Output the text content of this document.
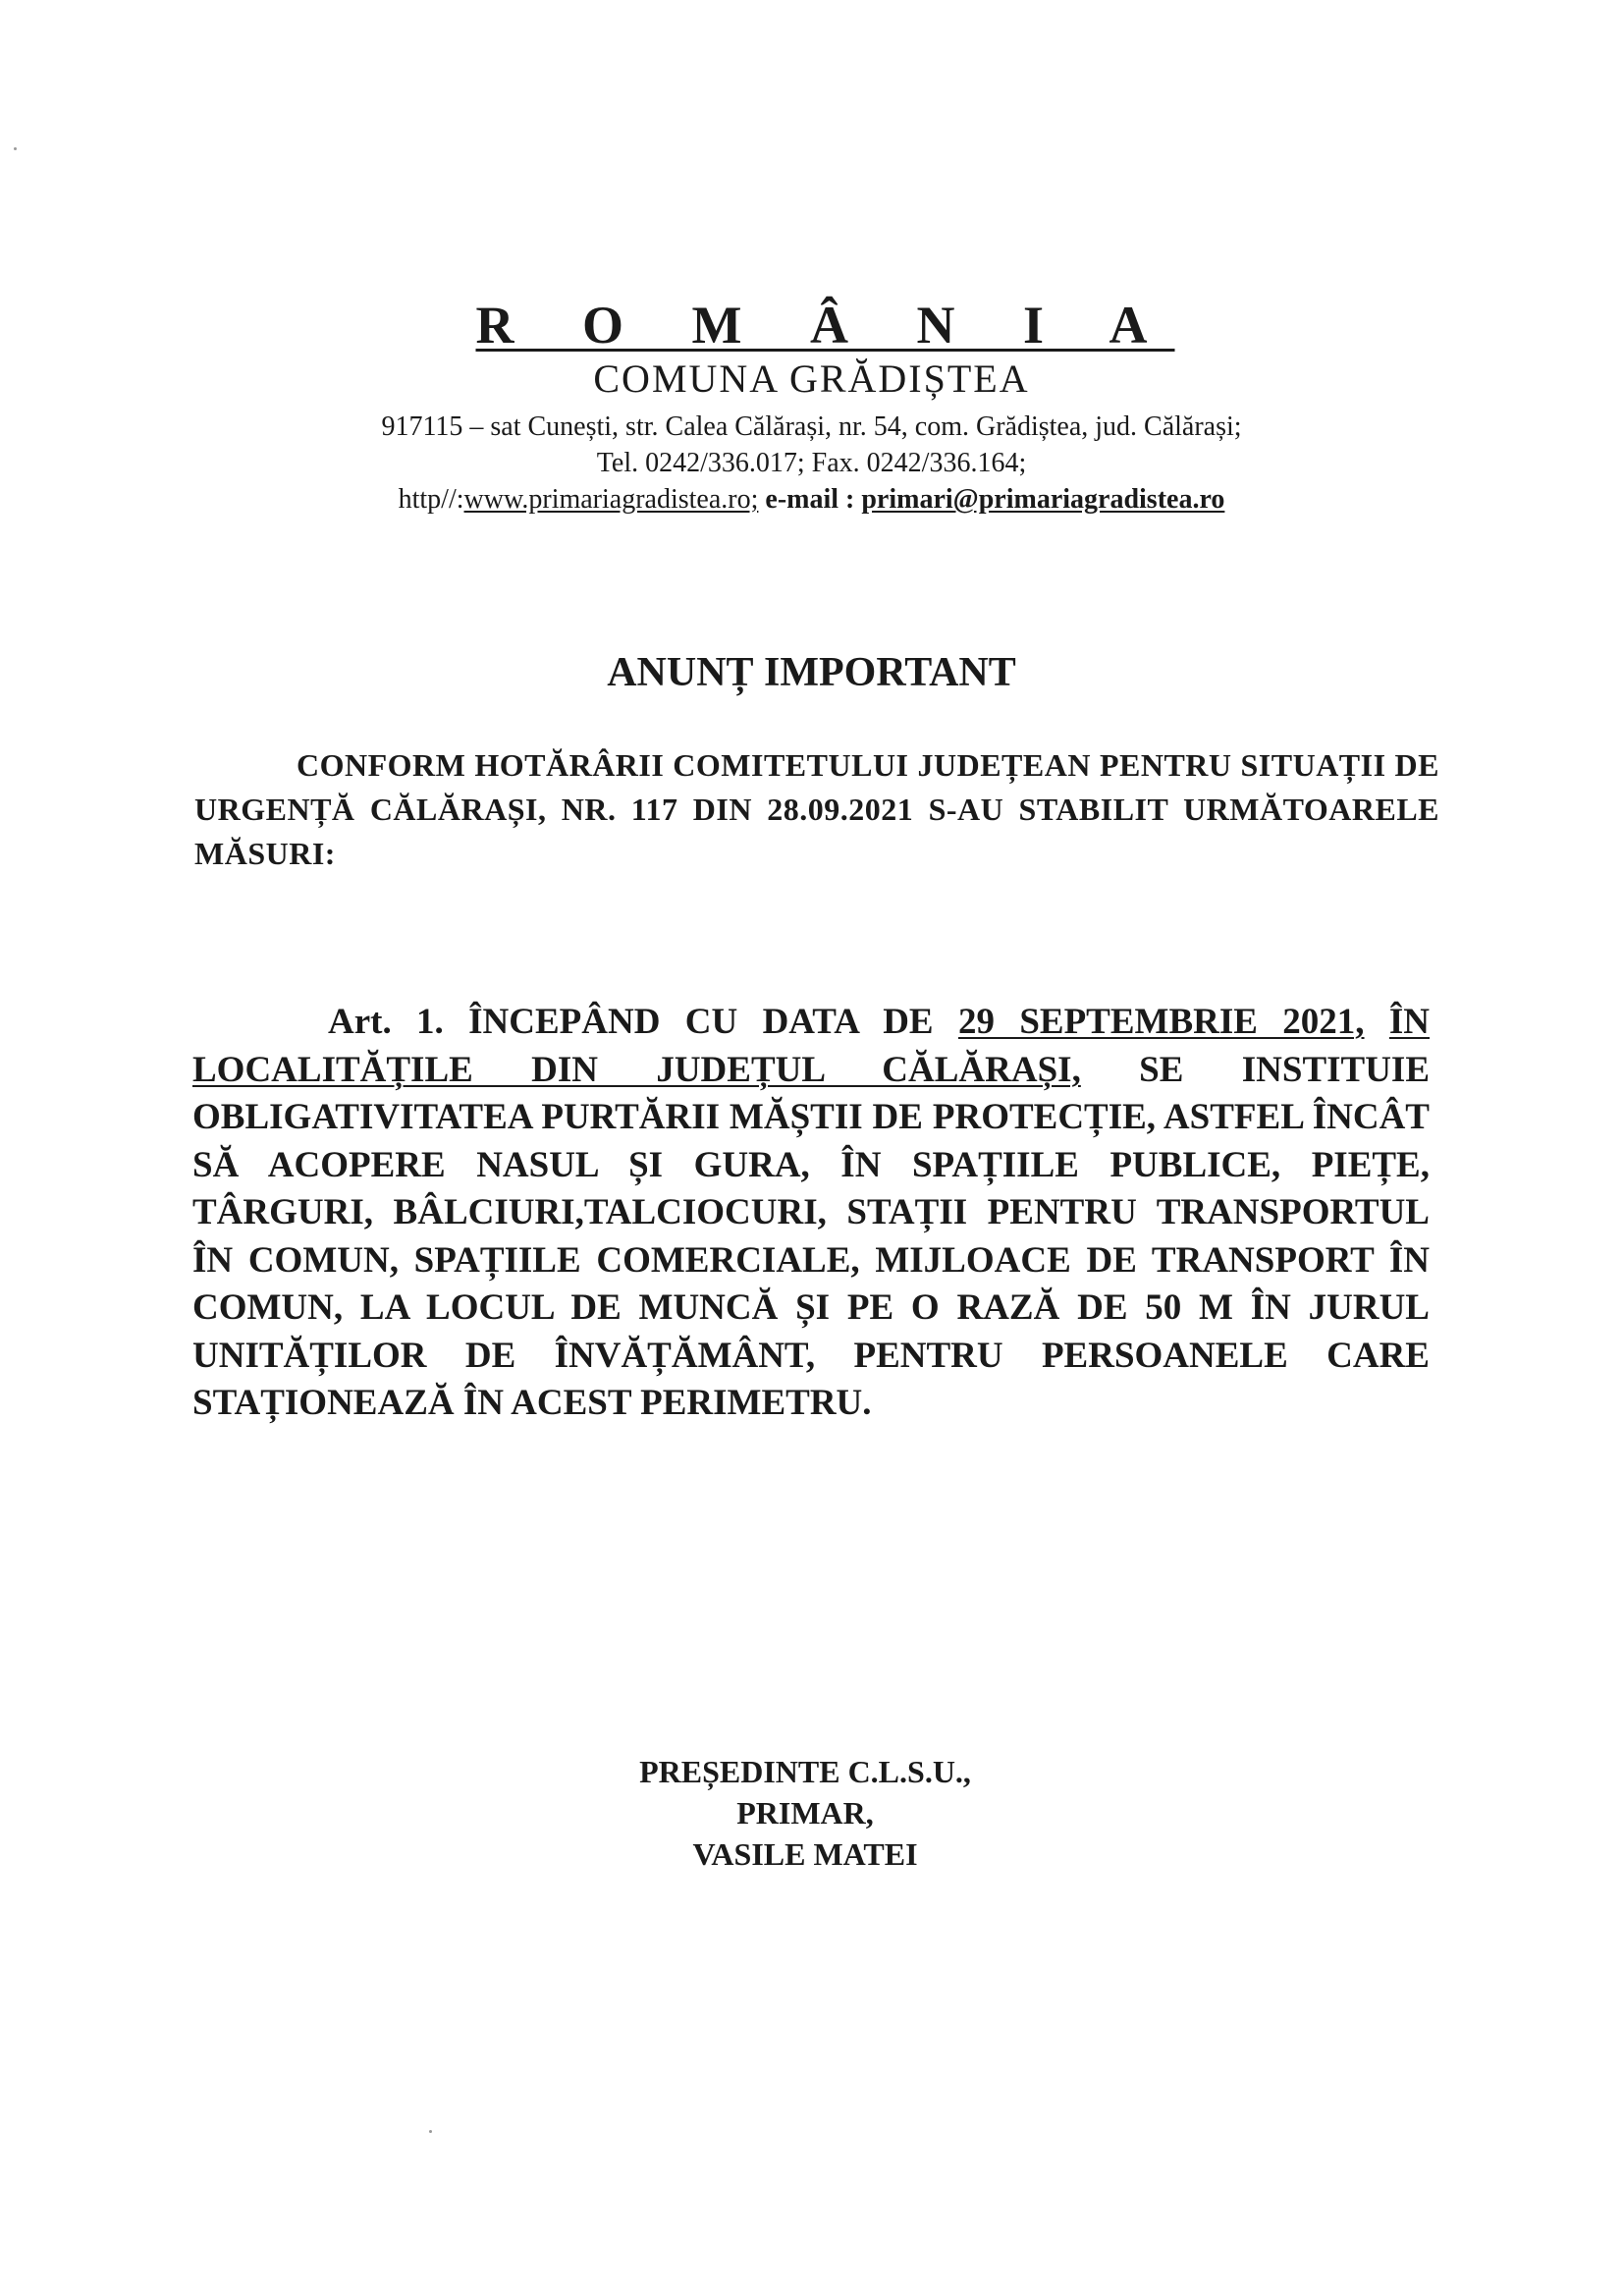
R O M Â N I A
COMUNA GRĂDIȘTEA
917115 – sat Cunești, str. Calea Călărași, nr. 54, com. Grădiștea, jud. Călărași;
Tel. 0242/336.017; Fax. 0242/336.164;
http//:www.primariagradistea.ro; e-mail : primari@primariagradistea.ro
ANUNȚ IMPORTANT
CONFORM HOTĂRÂRII COMITETULUI JUDEȚEAN PENTRU SITUAȚII DE URGENȚĂ CĂLĂRAȘI, NR. 117 DIN 28.09.2021 S-AU STABILIT URMĂTOARELE MĂSURI:
Art. 1. ÎNCEPÂND CU DATA DE 29 SEPTEMBRIE 2021, ÎN LOCALITĂȚILE DIN JUDEȚUL CĂLĂRAȘI, SE INSTITUIE OBLIGATIVITATEA PURTĂRII MĂȘTII DE PROTECȚIE, ASTFEL ÎNCÂT SĂ ACOPERE NASUL ȘI GURA, ÎN SPAȚIILE PUBLICE, PIEȚE, TÂRGURI, BÂLCIURI,TALCIOCURI, STAȚII PENTRU TRANSPORTUL ÎN COMUN, SPAȚIILE COMERCIALE, MIJLOACE DE TRANSPORT ÎN COMUN, LA LOCUL DE MUNCĂ ȘI PE O RAZĂ DE 50 M ÎN JURUL UNITĂȚILOR DE ÎNVĂȚĂMÂNT, PENTRU PERSOANELE CARE STAȚIONEAZĂ ÎN ACEST PERIMETRU.
PREȘEDINTE C.L.S.U.,
PRIMAR,
VASILE MATEI
